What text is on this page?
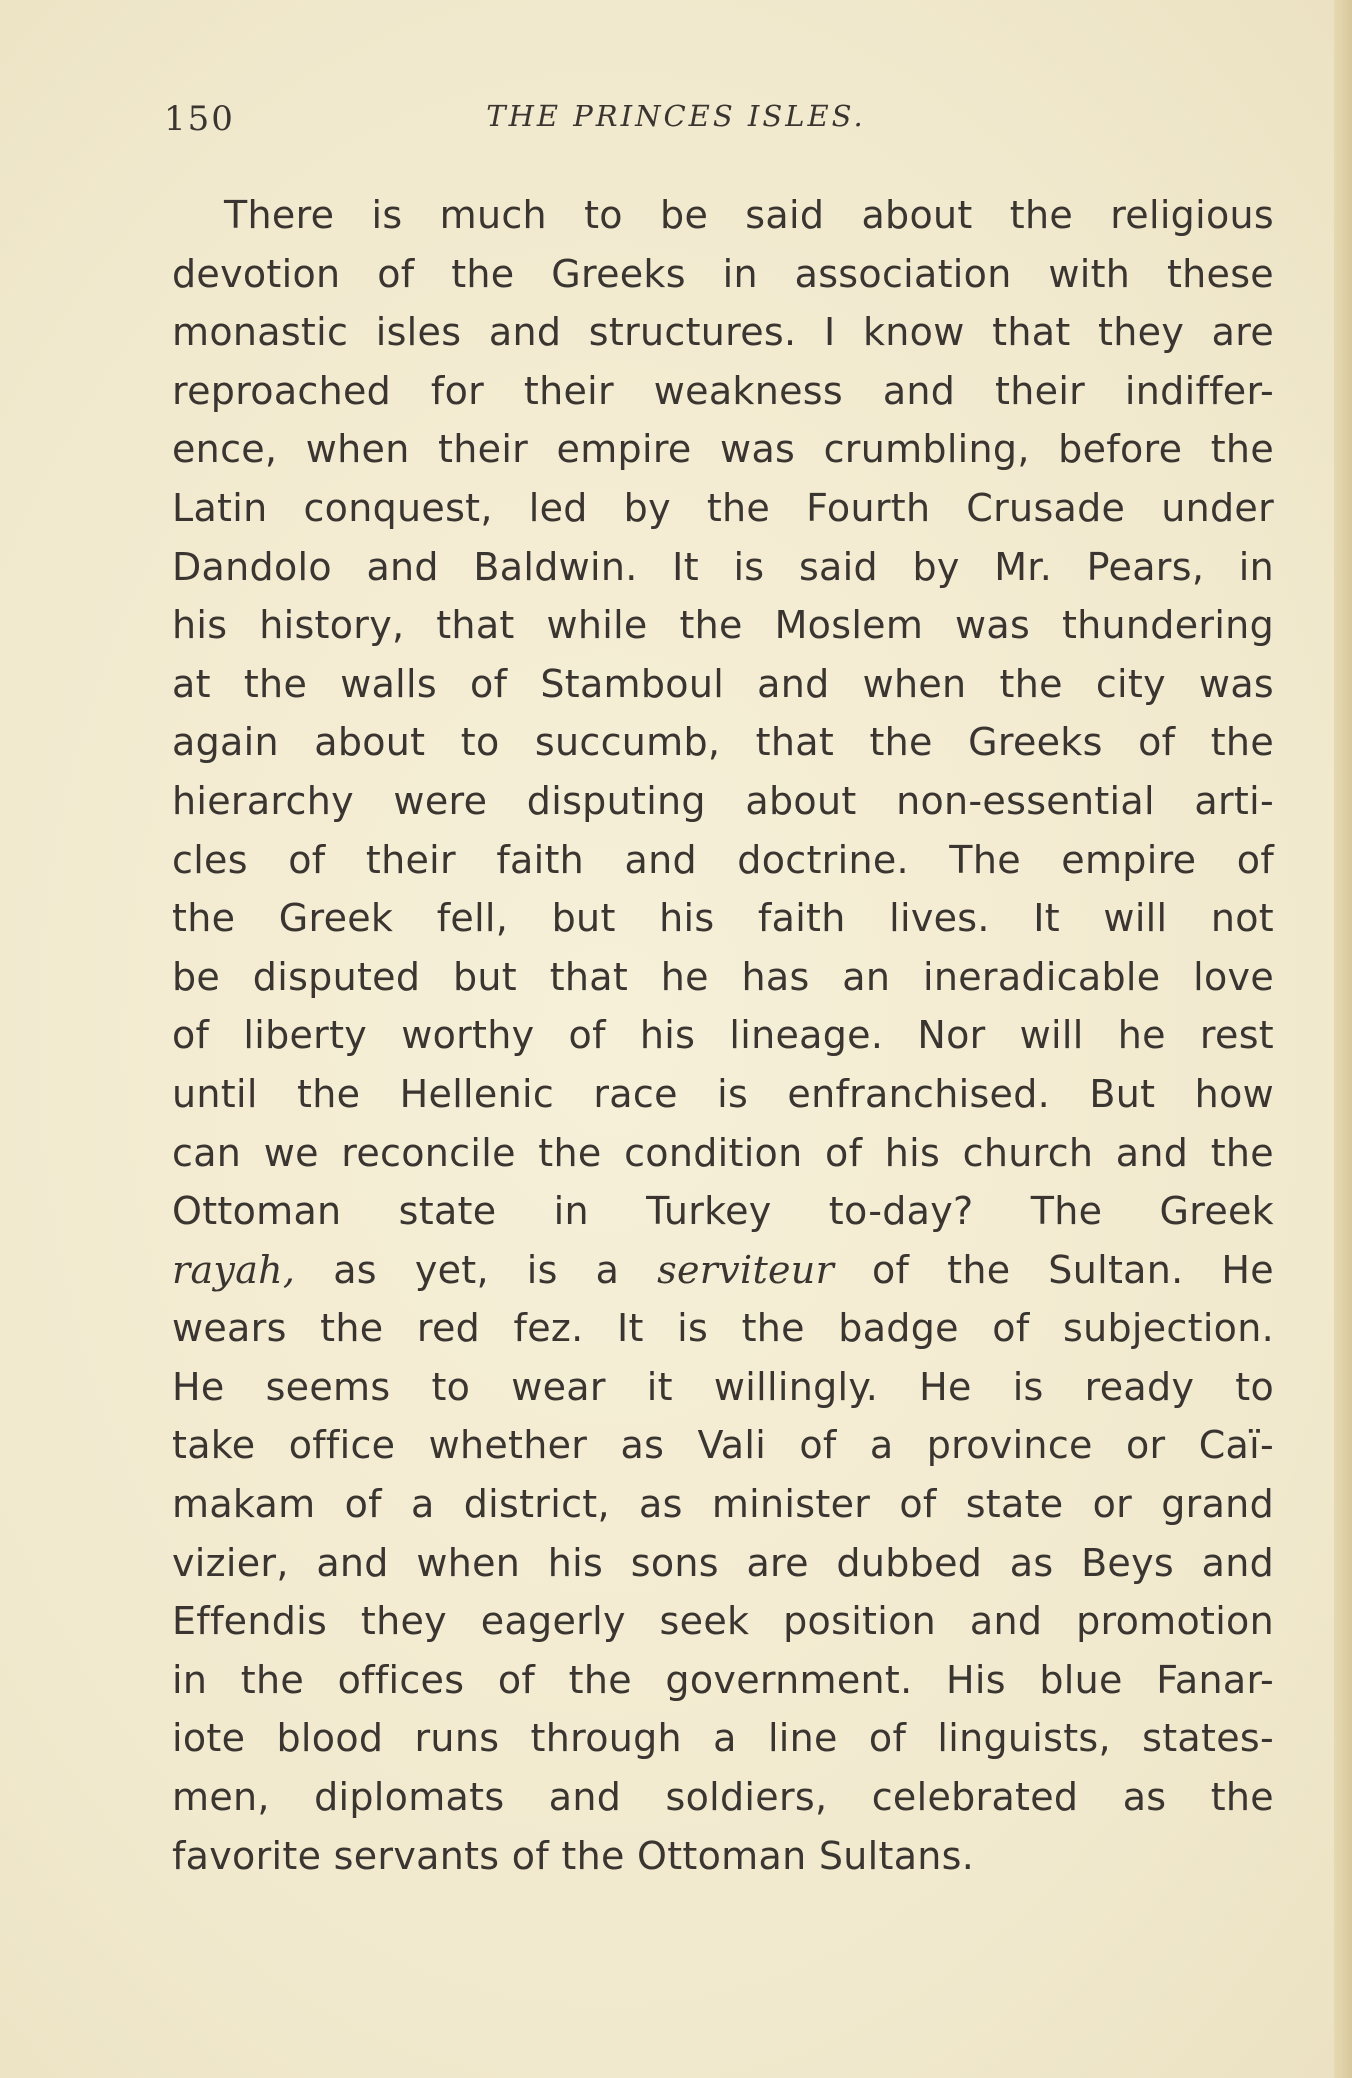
150	THE PRINCES ISLES.
There is much to be said about the religious
devotion of the Greeks in association with these
monastic isles and structures. I know that they are
reproached for their weakness and their indiffer-
ence, when their empire was crumbling, before the
Latin conquest, led by the Fourth Crusade under
Dandolo and Baldwin. It is said by Mr. Pears, in
his history, that while the Moslem was thundering
at the walls of Stamboul and when the city was
again about to succumb, that the Greeks of the
hierarchy were disputing about non-essential arti-
cles of their faith and doctrine. The empire of
the Greek fell, but his faith lives. It will not
be disputed but that he has an ineradicable love
of liberty worthy of his lineage. Nor will he rest
until the Hellenic race is enfranchised. But how
can we reconcile the condition of his church and the
Ottoman state in Turkey to-day? The Greek
rayah, as yet, is a serviteur of the Sultan. He
wears the red fez. It is the badge of subjection.
He seems to wear it willingly. He is ready to
take office whether as Vali of a province or Caï-
makam of a district, as minister of state or grand
vizier, and when his sons are dubbed as Beys and
Effendis they eagerly seek position and promotion
in the offices of the government. His blue Fanar-
iote blood runs through a line of linguists, states-
men, diplomats and soldiers, celebrated as the
favorite servants of the Ottoman Sultans.
